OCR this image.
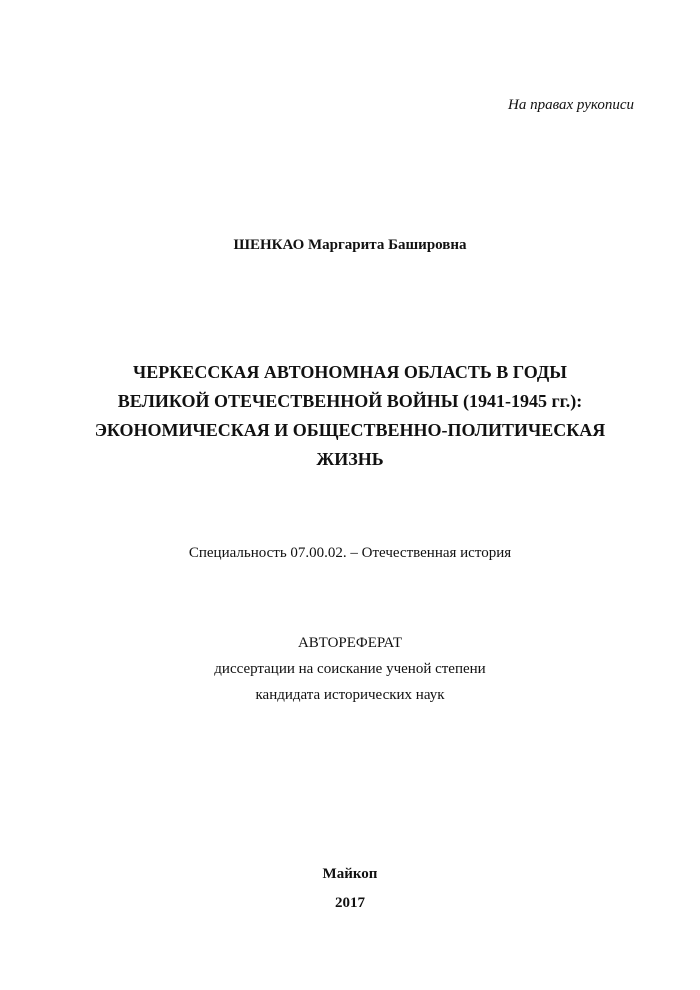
На правах рукописи
ШЕНКАО Маргарита Башировна
ЧЕРКЕССКАЯ АВТОНОМНАЯ ОБЛАСТЬ В ГОДЫ
ВЕЛИКОЙ ОТЕЧЕСТВЕННОЙ ВОЙНЫ (1941-1945 гг.):
ЭКОНОМИЧЕСКАЯ И ОБЩЕСТВЕННО-ПОЛИТИЧЕСКАЯ
ЖИЗНЬ
Специальность 07.00.02. – Отечественная история
АВТОРЕФЕРАТ
диссертации на соискание ученой степени
кандидата исторических наук
Майкоп
2017
